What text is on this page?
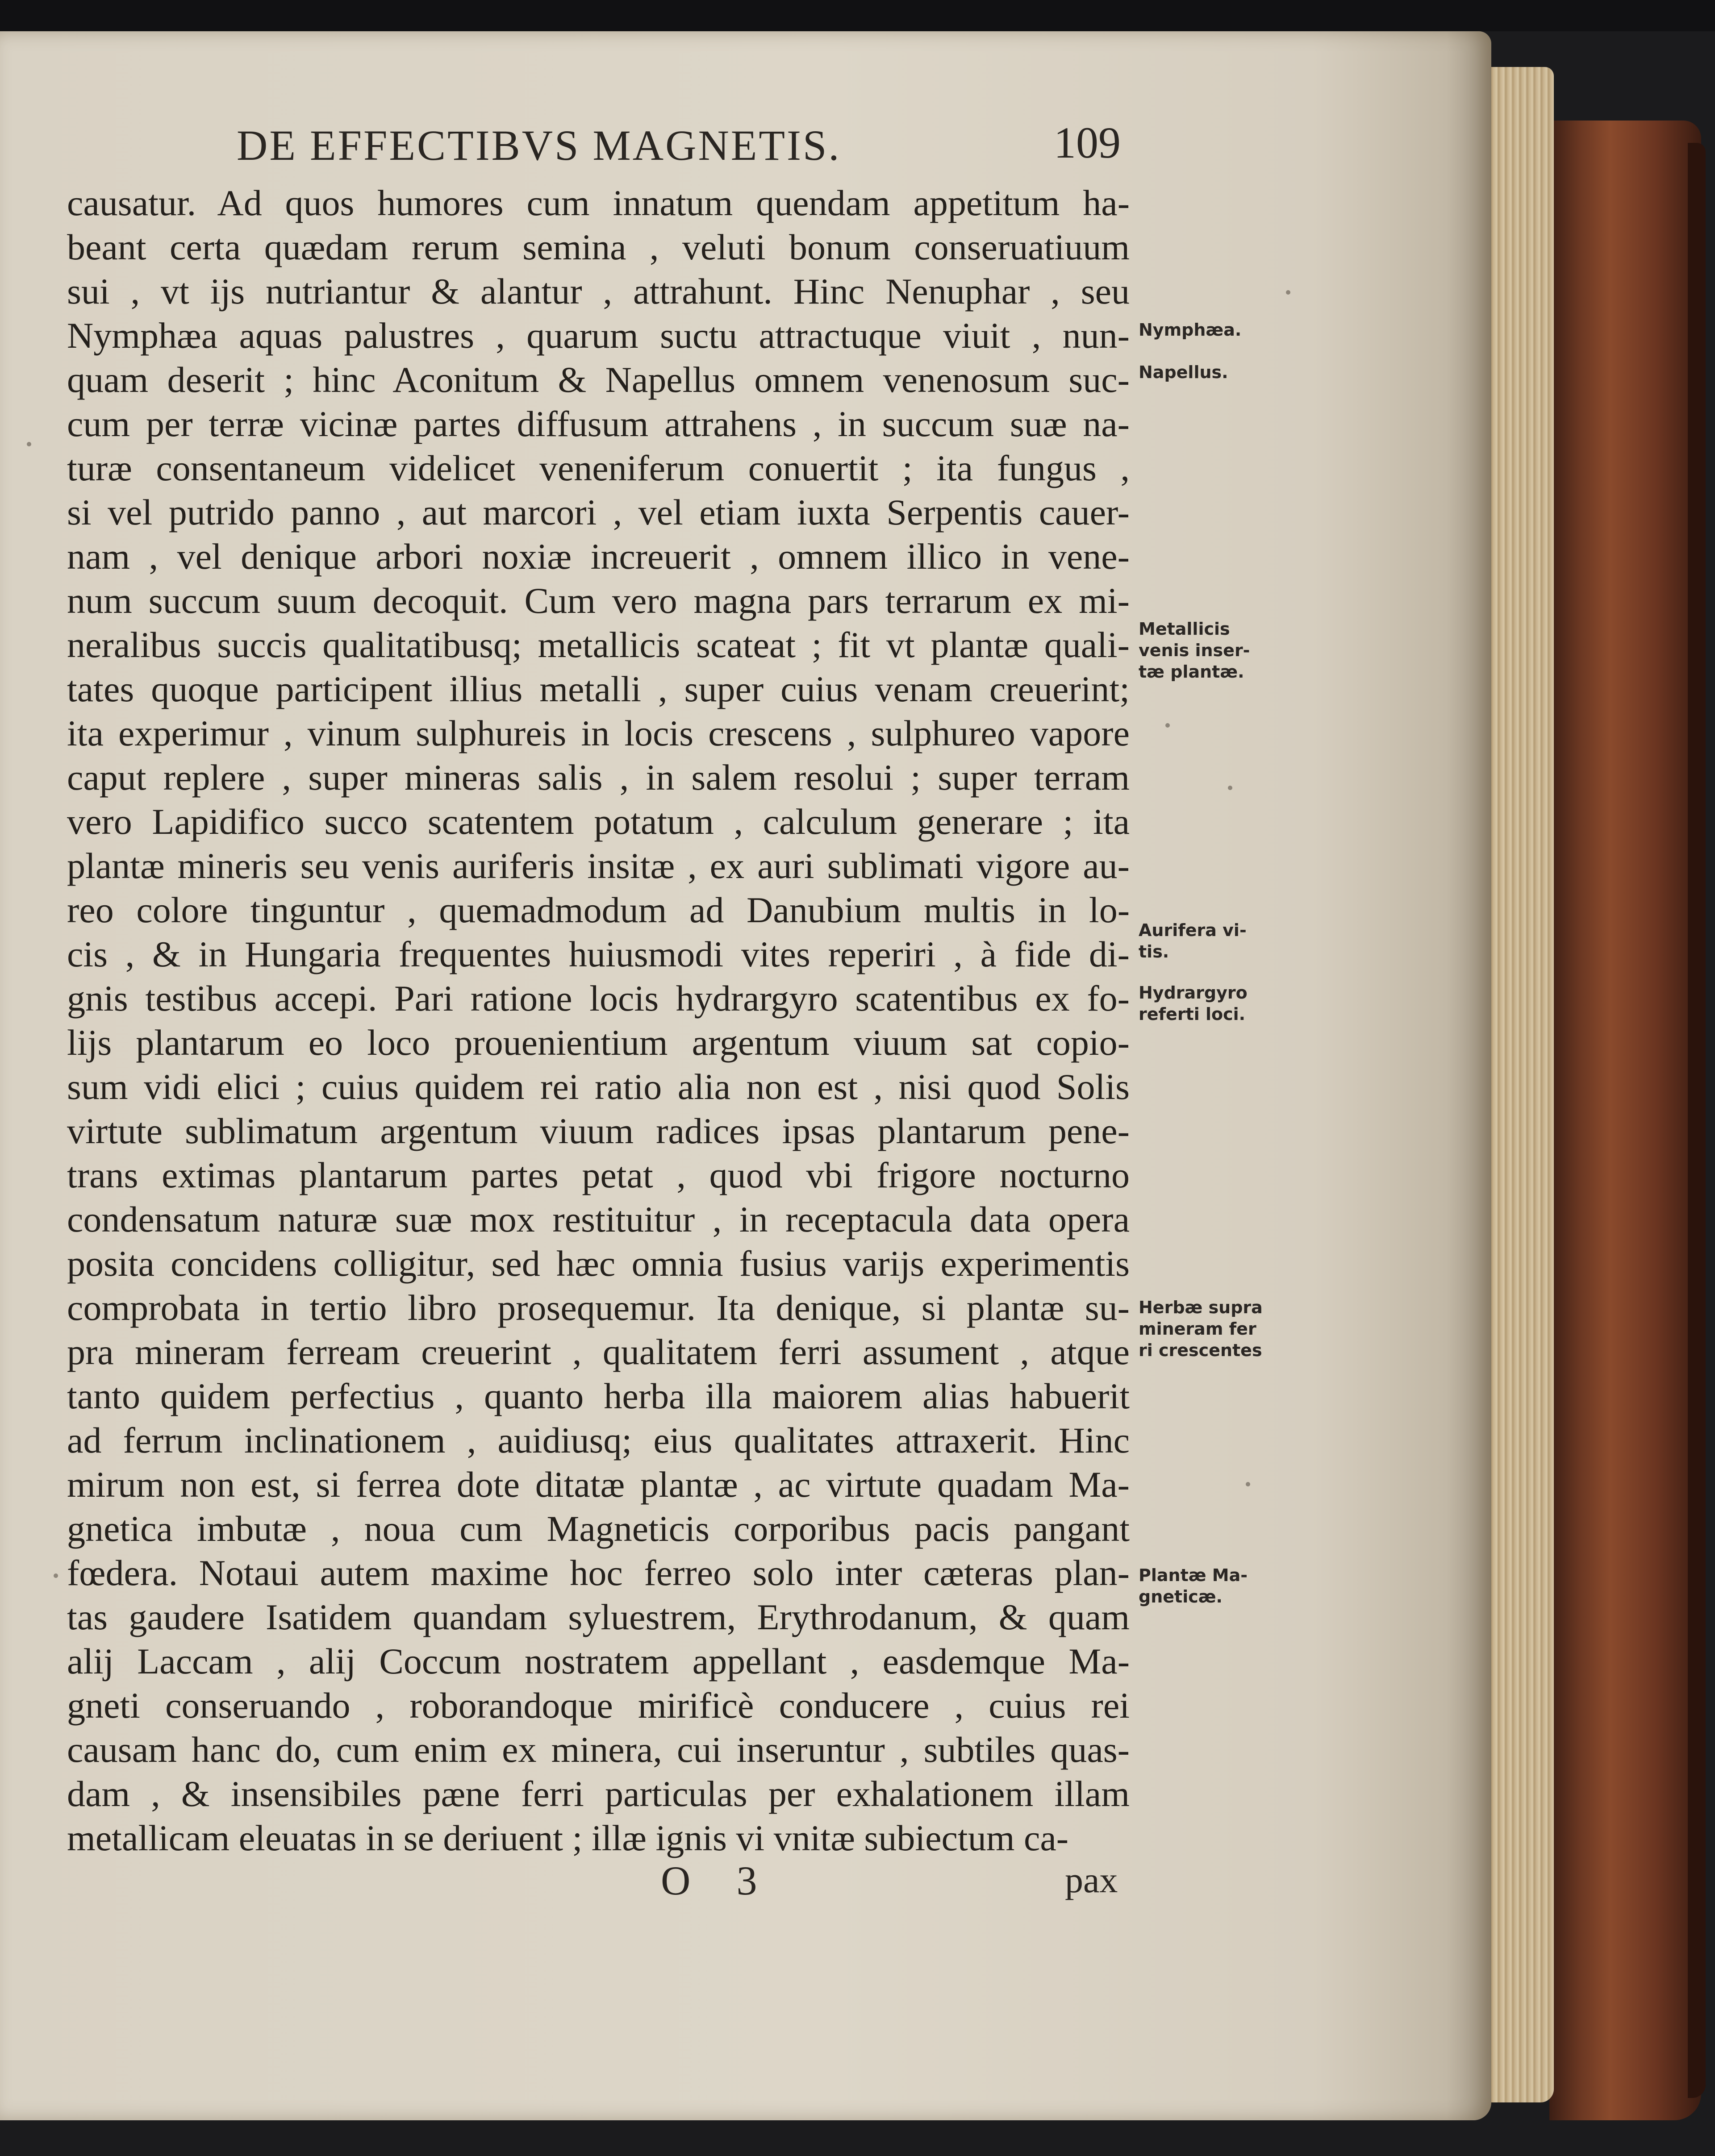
DE EFFECTIBVS MAGNETIS.	109
causatur. Ad quos humores cum innatum quendam appetitum ha-
beant certa quædam rerum semina , veluti bonum conseruatiuum
sui , vt ijs nutriantur & alantur , attrahunt. Hinc Nenuphar , seu
Nymphæa aquas palustres , quarum suctu attractuque viuit , nun-
quam deserit ; hinc Aconitum & Napellus omnem venenosum suc-
cum per terræ vicinæ partes diffusum attrahens , in succum suæ na-
turæ consentaneum videlicet veneniferum conuertit ; ita fungus ,
si vel putrido panno , aut marcori , vel etiam iuxta Serpentis cauer-
nam , vel denique arbori noxiæ increuerit , omnem illico in vene-
num succum suum decoquit. Cum vero magna pars terrarum ex mi-
neralibus succis qualitatibusq; metallicis scateat ; fit vt plantæ quali-
tates quoque participent illius metalli , super cuius venam creuerint;
ita experimur , vinum sulphureis in locis crescens , sulphureo vapore
caput replere , super mineras salis , in salem resolui ; super terram
vero Lapidifico succo scatentem potatum , calculum generare ; ita
plantæ mineris seu venis auriferis insitæ , ex auri sublimati vigore au-
reo colore tinguntur , quemadmodum ad Danubium multis in lo-
cis , & in Hungaria frequentes huiusmodi vites reperiri , à fide di-
gnis testibus accepi. Pari ratione locis hydrargyro scatentibus ex fo-
lijs plantarum eo loco prouenientium argentum viuum sat copio-
sum vidi elici ; cuius quidem rei ratio alia non est , nisi quod Solis
virtute sublimatum argentum viuum radices ipsas plantarum pene-
trans extimas plantarum partes petat , quod vbi frigore nocturno
condensatum naturæ suæ mox restituitur , in receptacula data opera
posita concidens colligitur, sed hæc omnia fusius varijs experimentis
comprobata in tertio libro prosequemur. Ita denique, si plantæ su-
pra mineram ferream creuerint , qualitatem ferri assument , atque
tanto quidem perfectius , quanto herba illa maiorem alias habuerit
ad ferrum inclinationem , auidiusq; eius qualitates attraxerit. Hinc
mirum non est, si ferrea dote ditatæ plantæ , ac virtute quadam Ma-
gnetica imbutæ , noua cum Magneticis corporibus pacis pangant
fœdera. Notaui autem maxime hoc ferreo solo inter cæteras plan-
tas gaudere Isatidem quandam syluestrem, Erythrodanum, & quam
alij Laccam , alij Coccum nostratem appellant , easdemque Ma-
gneti conseruando , roborandoque mirificè conducere , cuius rei
causam hanc do, cum enim ex minera, cui inseruntur , subtiles quas-
dam , & insensibiles pæne ferri particulas per exhalationem illam
metallicam eleuatas in se deriuent ; illæ ignis vi vnitæ subiectum ca-
Nymphæa.
Napellus.
Metallicis
venis inser-
tæ plantæ.
Aurifera vi-
tis.
Hydrargyro
referti loci.
Herbæ supra
mineram fer
ri crescentes
Plantæ Ma-
gneticæ.
O 3	pax
